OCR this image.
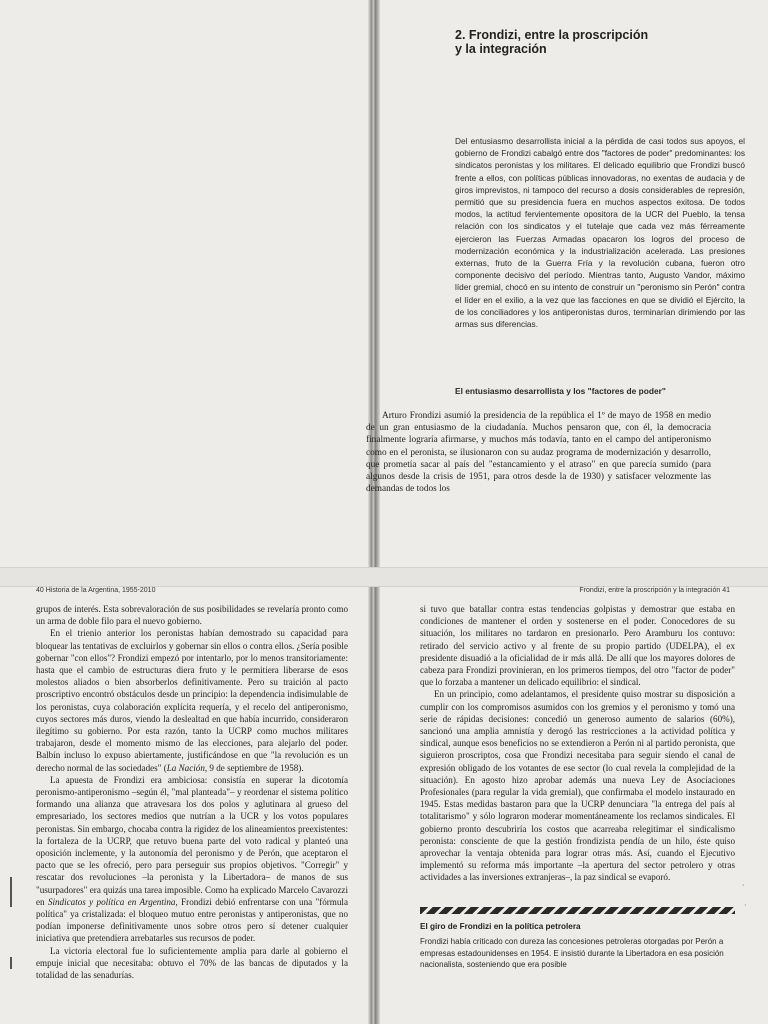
2. Frondizi, entre la proscripción
y la integración

Del entusiasmo desarrollista inicial a la pérdida de casi todos sus apoyos, el gobierno de Frondizi cabalgó entre dos "factores de poder" predominantes: los sindicatos peronistas y los militares. El delicado equilibrio que Frondizi buscó frente a ellos, con políticas públicas innovadoras, no exentas de audacia y de giros imprevistos, ni tampoco del recurso a dosis considerables de represión, permitió que su presidencia fuera en muchos aspectos exitosa. De todos modos, la actitud fervientemente opositora de la UCR del Pueblo, la tensa relación con los sindicatos y el tutelaje que cada vez más férreamente ejercieron las Fuerzas Armadas opacaron los logros del proceso de modernización económica y la industrialización acelerada. Las presiones externas, fruto de la Guerra Fría y la revolución cubana, fueron otro componente decisivo del período. Mientras tanto, Augusto Vandor, máximo líder gremial, chocó en su intento de construir un "peronismo sin Perón" contra el líder en el exilio, a la vez que las facciones en que se dividió el Ejército, la de los conciliadores y los antiperonistas duros, terminarían dirimiendo por las armas sus diferencias.

El entusiasmo desarrollista y los "factores de poder"

Arturo Frondizi asumió la presidencia de la república el 1º de mayo de 1958 en medio de un gran entusiasmo de la ciudadanía. Muchos pensaron que, con él, la democracia finalmente lograría afirmarse, y muchos más todavía, tanto en el campo del antiperonismo como en el peronista, se ilusionaron con su audaz programa de modernización y desarrollo, que prometía sacar al país del "estancamiento y el atraso" en que parecía sumido (para algunos desde la crisis de 1951, para otros desde la de 1930) y satisfacer velozmente las demandas de todos los

40 Historia de la Argentina, 1955-2010

grupos de interés. Esta sobrevaloración de sus posibilidades se revelaría pronto como un arma de doble filo para el nuevo gobierno.

En el trienio anterior los peronistas habían demostrado su capacidad para bloquear las tentativas de excluirlos y gobernar sin ellos o contra ellos. ¿Sería posible gobernar "con ellos"? Frondizi empezó por intentarlo, por lo menos transitoriamente: hasta que el cambio de estructuras diera fruto y le permitiera liberarse de esos molestos aliados o bien absorberlos definitivamente. Pero su traición al pacto proscriptivo encontró obstáculos desde un principio: la dependencia indisimulable de los peronistas, cuya colaboración explícita requería, y el recelo del antiperonismo, cuyos sectores más duros, viendo la deslealtad en que había incurrido, consideraron ilegítimo su gobierno. Por esta razón, tanto la UCRP como muchos militares trabajaron, desde el momento mismo de las elecciones, para alejarlo del poder. Balbín incluso lo expuso abiertamente, justificándose en que "la revolución es un derecho normal de las sociedades" (La Nación, 9 de septiembre de 1958).

La apuesta de Frondizi era ambiciosa: consistía en superar la dicotomía peronismo-antiperonismo –según él, "mal planteada"– y reordenar el sistema político formando una alianza que atravesara los dos polos y aglutinara al grueso del empresariado, los sectores medios que nutrían a la UCR y los votos populares peronistas. Sin embargo, chocaba contra la rigidez de los alineamientos preexistentes: la fortaleza de la UCRP, que retuvo buena parte del voto radical y planteó una oposición inclemente, y la autonomía del peronismo y de Perón, que aceptaron el pacto que se les ofreció, pero para perseguir sus propios objetivos. "Corregir" y rescatar dos revoluciones –la peronista y la Libertadora– de manos de sus "usurpadores" era quizás una tarea imposible. Como ha explicado Marcelo Cavarozzi en Sindicatos y política en Argentina, Frondizi debió enfrentarse con una "fórmula política" ya cristalizada: el bloqueo mutuo entre peronistas y antiperonistas, que no podían imponerse definitivamente unos sobre otros pero sí detener cualquier iniciativa que pretendiera arrebatarles sus recursos de poder.

La victoria electoral fue lo suficientemente amplia para darle al gobierno el empuje inicial que necesitaba: obtuvo el 70% de las bancas de diputados y la totalidad de las senadurías.

Frondizi, entre la proscripción y la integración 41

si tuvo que batallar contra estas tendencias golpistas y demostrar que estaba en condiciones de mantener el orden y sostenerse en el poder. Conocedores de su situación, los militares no tardaron en presionarlo. Pero Aramburu los contuvo: retirado del servicio activo y al frente de su propio partido (UDELPA), el ex presidente disuadió a la oficialidad de ir más allá. De allí que los mayores dolores de cabeza para Frondizi provinieran, en los primeros tiempos, del otro "factor de poder" que lo forzaba a mantener un delicado equilibrio: el sindical.

En un principio, como adelantamos, el presidente quiso mostrar su disposición a cumplir con los compromisos asumidos con los gremios y el peronismo y tomó una serie de rápidas decisiones: concedió un generoso aumento de salarios (60%), sancionó una amplia amnistía y derogó las restricciones a la actividad política y sindical, aunque esos beneficios no se extendieron a Perón ni al partido peronista, que siguieron proscriptos, cosa que Frondizi necesitaba para seguir siendo el canal de expresión obligado de los votantes de ese sector (lo cual revela la complejidad de la situación). En agosto hizo aprobar además una nueva Ley de Asociaciones Profesionales (para regular la vida gremial), que confirmaba el modelo instaurado en 1945. Estas medidas bastaron para que la UCRP denunciara "la entrega del país al totalitarismo" y sólo lograron moderar momentáneamente los reclamos sindicales. El gobierno pronto descubriría los costos que acarreaba relegitimar el sindicalismo peronista: consciente de que la gestión frondizista pendía de un hilo, éste quiso aprovechar la ventaja obtenida para lograr otras más. Así, cuando el Ejecutivo implementó su reforma más importante –la apertura del sector petrolero y otras actividades a las inversiones extranjeras–, la paz sindical se evaporó.

El giro de Frondizi en la política petrolera

Frondizi había criticado con dureza las concesiones petroleras otorgadas por Perón a empresas estadounidenses en 1954. E insistió durante la Libertadora en esa posición nacionalista, sosteniendo que era posible

·
·
